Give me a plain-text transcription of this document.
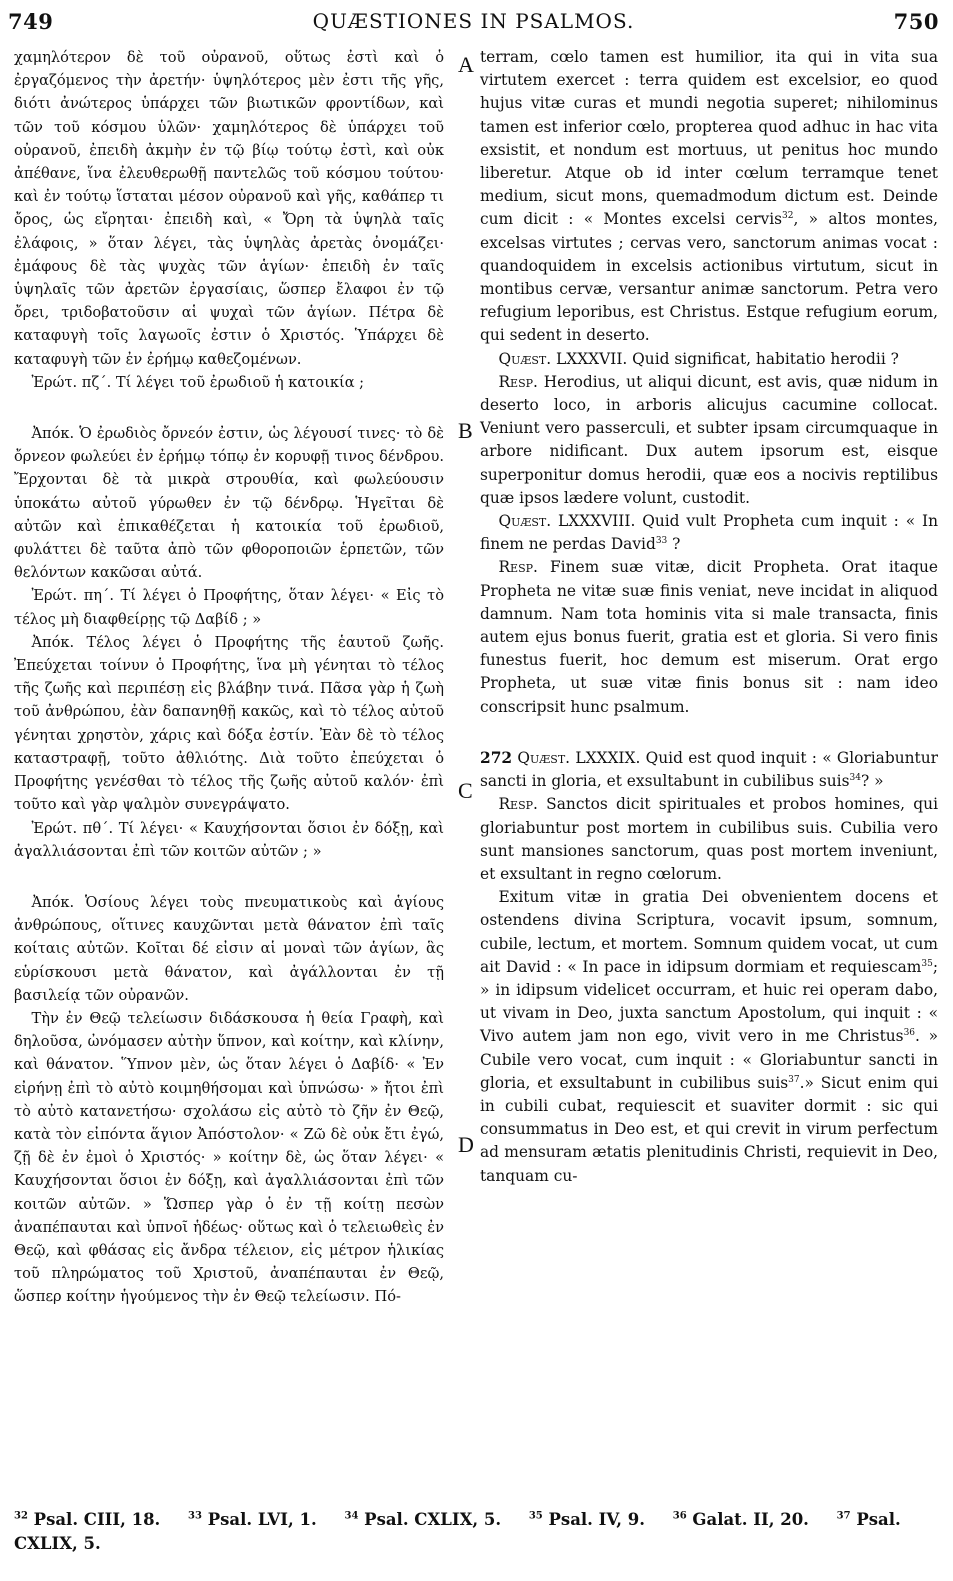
749	QUÆSTIONES IN PSALMOS.	750
A
B
C
D

χαμηλότερον δὲ τοῦ οὐρανοῦ, οὕτως ἐστὶ καὶ ὁ ἐργαζόμενος τὴν ἀρετήν· ὑψηλότερος μὲν ἐστι τῆς γῆς, διότι ἀνώτερος ὑπάρχει τῶν βιωτικῶν φροντίδων, καὶ τῶν τοῦ κόσμου ὑλῶν· χαμηλότερος δὲ ὑπάρχει τοῦ οὐρανοῦ, ἐπειδὴ ἀκμὴν ἐν τῷ βίῳ τούτῳ ἐστὶ, καὶ οὐκ ἀπέθανε, ἵνα ἐλευθερωθῇ παντελῶς τοῦ κόσμου τούτου· καὶ ἐν τούτῳ ἵσταται μέσον οὐρανοῦ καὶ γῆς, καθάπερ τι ὄρος, ὡς εἴρηται· ἐπειδὴ καὶ, « Ὄρη τὰ ὑψηλὰ ταῖς ἐλάφοις, » ὅταν λέγει, τὰς ὑψηλὰς ἀρετὰς ὀνομάζει· ἐμάφους δὲ τὰς ψυχὰς τῶν ἁγίων· ἐπειδὴ ἐν ταῖς ὑψηλαῖς τῶν ἀρετῶν ἐργασίαις, ὥσπερ ἔλαφοι ἐν τῷ ὄρει, τριδοβατοῦσιν αἱ ψυχαὶ τῶν ἁγίων. Πέτρα δὲ καταφυγὴ τοῖς λαγωοῖς ἐστιν ὁ Χριστός. Ὑπάρχει δὲ καταφυγὴ τῶν ἐν ἐρήμῳ καθεζομένων.

Ἐρώτ. πζ΄. Τί λέγει τοῦ ἐρωδιοῦ ἡ κατοικία ;

Ἀπόκ. Ὁ ἐρωδιὸς ὄρνεόν ἐστιν, ὡς λέγουσί τινες· τὸ δὲ ὄρνεον φωλεύει ἐν ἐρήμῳ τόπῳ ἐν κορυφῇ τινος δένδρου. Ἔρχονται δὲ τὰ μικρὰ στρουθία, καὶ φωλεύουσιν ὑποκάτω αὐτοῦ γύρωθεν ἐν τῷ δένδρῳ. Ἡγεῖται δὲ αὐτῶν καὶ ἐπικαθέζεται ἡ κατοικία τοῦ ἐρωδιοῦ, φυλάττει δὲ ταῦτα ἀπὸ τῶν φθοροποιῶν ἑρπετῶν, τῶν θελόντων κακῶσαι αὐτά.

Ἐρώτ. πη΄. Τί λέγει ὁ Προφήτης, ὅταν λέγει· « Εἰς τὸ τέλος μὴ διαφθείρῃς τῷ Δαβίδ ; »

Ἀπόκ. Τέλος λέγει ὁ Προφήτης τῆς ἑαυτοῦ ζωῆς. Ἐπεύχεται τοίνυν ὁ Προφήτης, ἵνα μὴ γένηται τὸ τέλος τῆς ζωῆς καὶ περιπέσῃ εἰς βλάβην τινά. Πᾶσα γὰρ ἡ ζωὴ τοῦ ἀνθρώπου, ἐὰν δαπανηθῇ κακῶς, καὶ τὸ τέλος αὐτοῦ γένηται χρηστὸν, χάρις καὶ δόξα ἐστίν. Ἐὰν δὲ τὸ τέλος καταστραφῇ, τοῦτο ἀθλιότης. Διὰ τοῦτο ἐπεύχεται ὁ Προφήτης γενέσθαι τὸ τέλος τῆς ζωῆς αὐτοῦ καλόν· ἐπὶ τοῦτο καὶ γὰρ ψαλμὸν συνεγράψατο.

Ἐρώτ. πθ΄. Τί λέγει· « Καυχήσονται ὅσιοι ἐν δόξῃ, καὶ ἀγαλλιάσονται ἐπὶ τῶν κοιτῶν αὐτῶν ; »

Ἀπόκ. Ὁσίους λέγει τοὺς πνευματικοὺς καὶ ἁγίους ἀνθρώπους, οἵτινες καυχῶνται μετὰ θάνατον ἐπὶ ταῖς κοίταις αὐτῶν. Κοῖται δέ εἰσιν αἱ μοναὶ τῶν ἁγίων, ἃς εὑρίσκουσι μετὰ θάνατον, καὶ ἀγάλλονται ἐν τῇ βασιλείᾳ τῶν οὐρανῶν.

Τὴν ἐν Θεῷ τελείωσιν διδάσκουσα ἡ θεία Γραφὴ, καὶ δηλοῦσα, ὠνόμασεν αὐτὴν ὕπνον, καὶ κοίτην, καὶ κλίνην, καὶ θάνατον. Ὕπνον μὲν, ὡς ὅταν λέγει ὁ Δαβίδ· « Ἐν εἰρήνῃ ἐπὶ τὸ αὐτὸ κοιμηθήσομαι καὶ ὑπνώσω· » ἤτοι ἐπὶ τὸ αὐτὸ κατανετήσω· σχολάσω εἰς αὐτὸ τὸ ζῆν ἐν Θεῷ, κατὰ τὸν εἰπόντα ἅγιον Ἀπόστολον· « Ζῶ δὲ οὐκ ἔτι ἐγώ, ζῇ δὲ ἐν ἐμοὶ ὁ Χριστός· » κοίτην δὲ, ὡς ὅταν λέγει· « Καυχήσονται ὅσιοι ἐν δόξῃ, καὶ ἀγαλλιάσονται ἐπὶ τῶν κοιτῶν αὐτῶν. » Ὥσπερ γὰρ ὁ ἐν τῇ κοίτῃ πεσὼν ἀναπέπαυται καὶ ὑπνοῖ ἡδέως· οὕτως καὶ ὁ τελειωθεὶς ἐν Θεῷ, καὶ φθάσας εἰς ἄνδρα τέλειον, εἰς μέτρον ἡλικίας τοῦ πληρώματος τοῦ Χριστοῦ, ἀναπέπαυται ἐν Θεῷ, ὥσπερ κοίτην ἡγούμενος τὴν ἐν Θεῷ τελείωσιν. Πό-

terram, cœlo tamen est humilior, ita qui in vita sua virtutem exercet : terra quidem est excelsior, eo quod hujus vitæ curas et mundi negotia superet; nihilominus tamen est inferior cœlo, propterea quod adhuc in hac vita exsistit, et nondum est mortuus, ut penitus hoc mundo liberetur. Atque ob id inter cœlum terramque tenet medium, sicut mons, quemadmodum dictum est. Deinde cum dicit : « Montes excelsi cervis$^{32}$, » altos montes, excelsas virtutes ; cervas vero, sanctorum animas vocat : quandoquidem in excelsis actionibus virtutum, sicut in montibus cervæ, versantur animæ sanctorum. Petra vero refugium leporibus, est Christus. Estque refugium eorum, qui sedent in deserto.

Quæst. LXXXVII. Quid significat, habitatio herodii ?

Resp. Herodius, ut aliqui dicunt, est avis, quæ nidum in deserto loco, in arboris alicujus cacumine collocat. Veniunt vero passerculi, et subter ipsam circumquaque in arbore nidificant. Dux autem ipsorum est, eisque superponitur domus herodii, quæ eos a nocivis reptilibus quæ ipsos lædere volunt, custodit.

Quæst. LXXXVIII. Quid vult Propheta cum inquit : « In finem ne perdas David$^{33}$ ?

Resp. Finem suæ vitæ, dicit Propheta. Orat itaque Propheta ne vitæ suæ finis veniat, neve incidat in aliquod damnum. Nam tota hominis vita si male transacta, finis autem ejus bonus fuerit, gratia est et gloria. Si vero finis funestus fuerit, hoc demum est miserum. Orat ergo Propheta, ut suæ vitæ finis bonus sit : nam ideo conscripsit hunc psalmum.

272 Quæst. LXXXIX. Quid est quod inquit : « Gloriabuntur sancti in gloria, et exsultabunt in cubilibus suis$^{34}$? »

Resp. Sanctos dicit spirituales et probos homines, qui gloriabuntur post mortem in cubilibus suis. Cubilia vero sunt mansiones sanctorum, quas post mortem inveniunt, et exsultant in regno cœlorum.

Exitum vitæ in gratia Dei obvenientem docens et ostendens divina Scriptura, vocavit ipsum, somnum, cubile, lectum, et mortem. Somnum quidem vocat, ut cum ait David : « In pace in idipsum dormiam et requiescam$^{35}$; » in idipsum videlicet occurram, et huic rei operam dabo, ut vivam in Deo, juxta sanctum Apostolum, qui inquit : « Vivo autem jam non ego, vivit vero in me Christus$^{36}$. » Cubile vero vocat, cum inquit : « Gloriabuntur sancti in gloria, et exsultabunt in cubilibus suis$^{37}$.» Sicut enim qui in cubili cubat, requiescit et suaviter dormit : sic qui consummatus in Deo est, et qui crevit in virum perfectum ad mensuram ætatis plenitudinis Christi, requievit in Deo, tanquam cu-

$^{32}$ Psal. CIII, 18.	$^{33}$ Psal. LVI, 1.	$^{34}$ Psal. CXLIX, 5.	$^{35}$ Psal. IV, 9.	$^{36}$ Galat. II, 20.	$^{37}$ Psal. CXLIX, 5.
